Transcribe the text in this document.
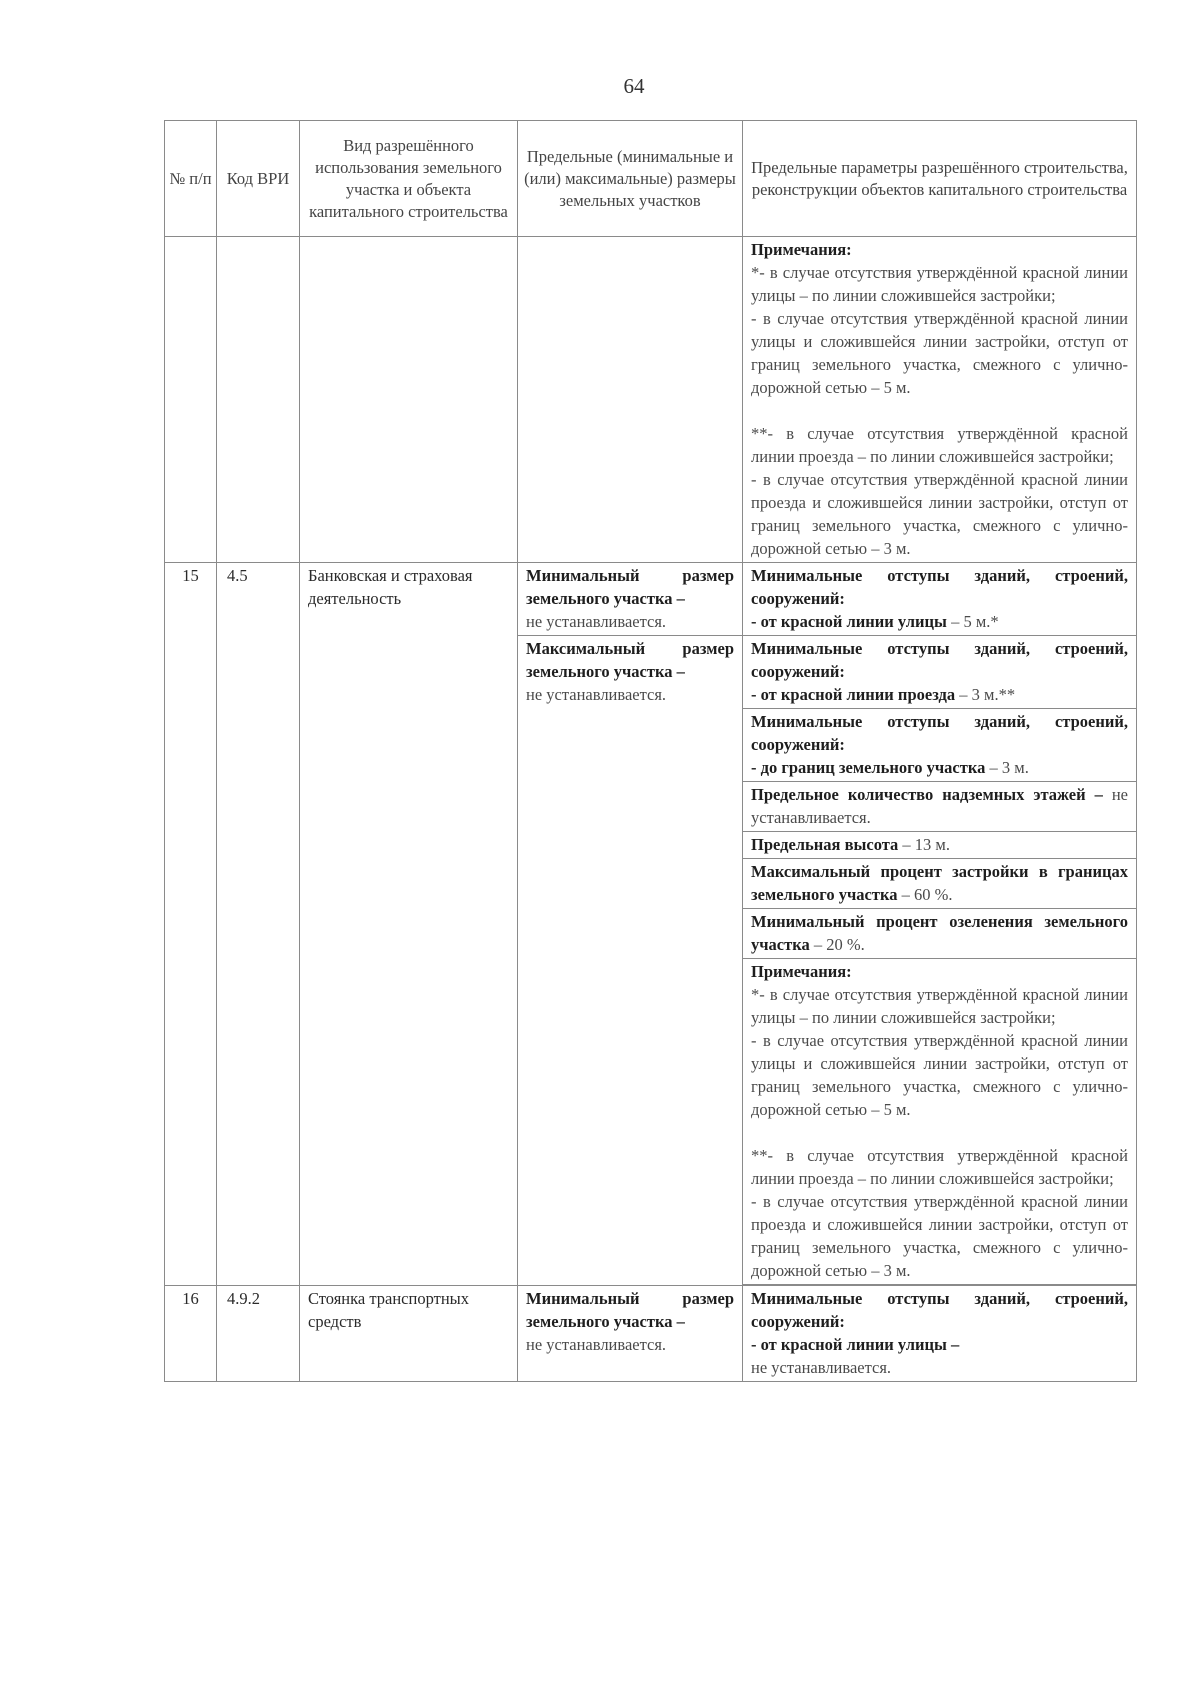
64
№ п/п	Код ВРИ	Вид разрешённого использования земельного участка и объекта капитального строительства	Предельные (минимальные и (или) максимальные) размеры земельных участков	Предельные параметры разрешённого строительства, реконструкции объектов капитального строительства

				Примечания:

*- в случае отсутствия утверждённой красной линии улицы – по линии сложившейся застройки;

- в случае отсутствия утверждённой красной линии улицы и сложившейся линии застройки, отступ от границ земельного участка, смежного с улично-дорожной сетью – 5 м.

**- в случае отсутствия утверждённой красной линии проезда – по линии сложившейся застройки;

- в случае отсутствия утверждённой красной линии проезда и сложившейся линии застройки, отступ от границ земельного участка, смежного с улично-дорожной сетью – 3 м.

15	4.5	Банковская и страховая деятельность	Минимальный размер земельного участка –
не устанавливается.	Минимальные отступы зданий, строений, сооружений:
- от красной линии улицы – 5 м.*
			Максимальный размер земельного участка –
не устанавливается.	Минимальные отступы зданий, строений, сооружений:
- от красной линии проезда – 3 м.**
				Минимальные отступы зданий, строений, сооружений:
- до границ земельного участка – 3 м.
				Предельное количество надземных этажей – не устанавливается.
				Предельная высота – 13 м.
				Максимальный процент застройки в границах земельного участка – 60 %.
				Минимальный процент озеленения земельного участка – 20 %.

				Примечания:

*- в случае отсутствия утверждённой красной линии улицы – по линии сложившейся застройки;

- в случае отсутствия утверждённой красной линии улицы и сложившейся линии застройки, отступ от границ земельного участка, смежного с улично-дорожной сетью – 5 м.

**- в случае отсутствия утверждённой красной линии проезда – по линии сложившейся застройки;

- в случае отсутствия утверждённой красной линии проезда и сложившейся линии застройки, отступ от границ земельного участка, смежного с улично-дорожной сетью – 3 м.

16	4.9.2	Стоянка транспортных средств	Минимальный размер земельного участка –
не устанавливается.	Минимальные отступы зданий, строений, сооружений:
- от красной линии улицы –
не устанавливается.
